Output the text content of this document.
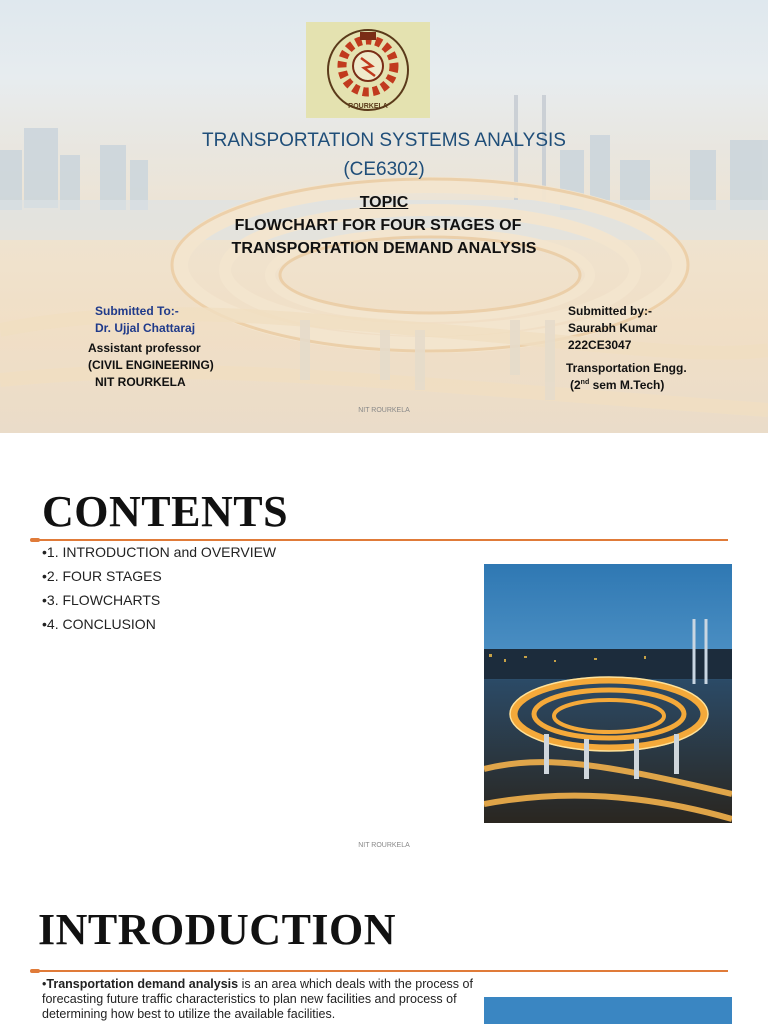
ROURKELA
TRANSPORTATION SYSTEMS ANALYSIS
(CE6302)
TOPIC
FLOWCHART FOR FOUR STAGES OF
TRANSPORTATION DEMAND ANALYSIS
Submitted To:-
Dr. Ujjal Chattaraj
Assistant professor
(CIVIL ENGINEERING)
NIT ROURKELA
Submitted by:-
Saurabh Kumar
222CE3047
Transportation Engg.
(2nd sem M.Tech)
NIT ROURKELA
CONTENTS
•1. INTRODUCTION and OVERVIEW
•2. FOUR STAGES
•3. FLOWCHARTS
•4. CONCLUSION
NIT ROURKELA
INTRODUCTION
•Transportation demand analysis is an area which deals with the process of forecasting future traffic characteristics to plan new facilities and process of determining how best to utilize the available facilities.
